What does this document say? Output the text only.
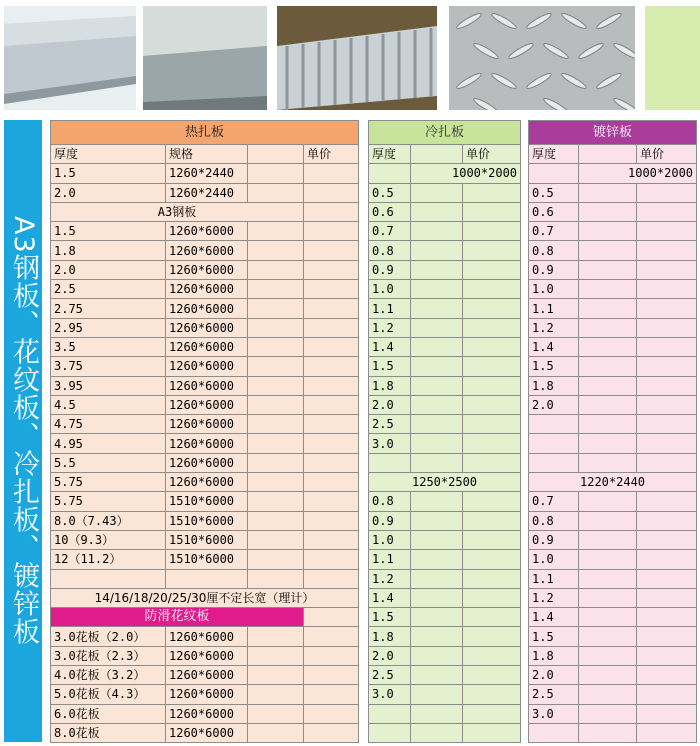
A3钢板、花纹板、冷扎板、镀锌板
热扎板			
厚度	规格		单价
1.5	1260*2440		
2.0	1260*2440		
A3钢板			
1.5	1260*6000		
1.8	1260*6000		
2.0	1260*6000		
2.5	1260*6000		
2.75	1260*6000		
2.95	1260*6000		
3.5	1260*6000		
3.75	1260*6000		
3.95	1260*6000		
4.5	1260*6000		
4.75	1260*6000		
4.95	1260*6000		
5.5	1260*6000		
5.75	1260*6000		
5.75	1510*6000		
8.0（7.43）	1510*6000		
10（9.3）	1510*6000		
12（11.2）	1510*6000		

14/16/18/20/25/30厘不定长宽（理计）			
防滑花纹板			
3.0花板（2.0）	1260*6000		
3.0花板（2.3）	1260*6000		
4.0花板（3.2）	1260*6000		
5.0花板（4.3）	1260*6000		
6.0花板	1260*6000		
8.0花板	1260*6000		
冷扎板		
厚度		单价
	1000*2000	
0.5		
0.6		
0.7		
0.8		
0.9		
1.0		
1.1		
1.2		
1.4		
1.5		
1.8		
2.0		
2.5		
3.0		

1250*2500		
0.8		
0.9		
1.0		
1.1		
1.2		
1.4		
1.5		
1.8		
2.0		
2.5		
3.0		

镀锌板		
厚度		单价
	1000*2000	
0.5		
0.6		
0.7		
0.8		
0.9		
1.0		
1.1		
1.2		
1.4		
1.5		
1.8		
2.0		

1220*2440		
0.7		
0.8		
0.9		
1.0		
1.1		
1.2		
1.4		
1.5		
1.8		
2.0		
2.5		
3.0		
